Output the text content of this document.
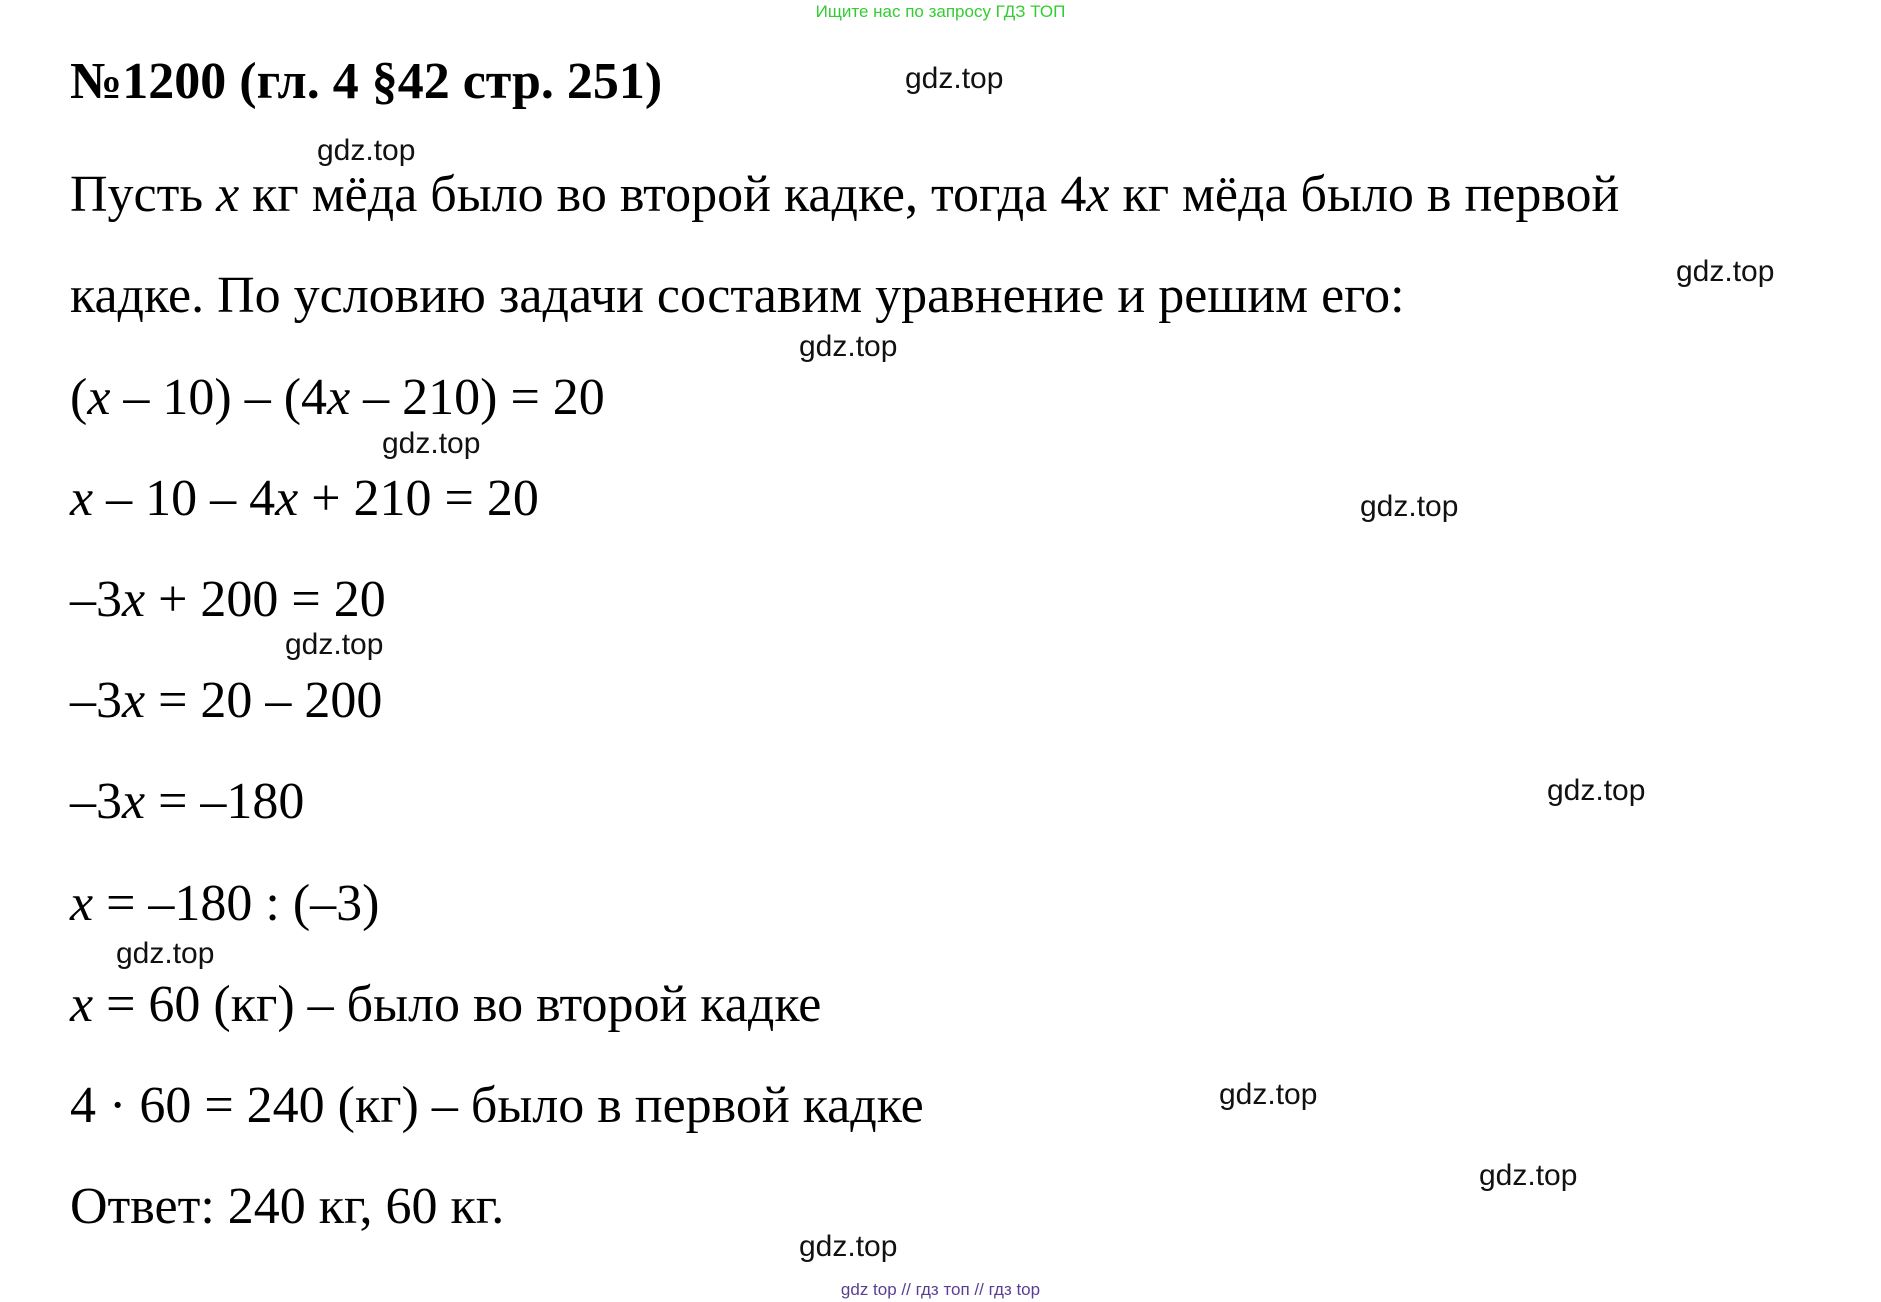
Ищите нас по запросу ГДЗ ТОП
№1200 (гл. 4 §42 стр. 251)
Пусть x кг мёда было во второй кадке, тогда 4x кг мёда было в первой
кадке. По условию задачи составим уравнение и решим его:
(x – 10) – (4x – 210) = 20
x – 10 – 4x + 210 = 20
–3x + 200 = 20
–3x = 20 – 200
–3x = –180
x = –180 : (–3)
x = 60 (кг) – было во второй кадке
4 · 60 = 240 (кг) – было в первой кадке
Ответ: 240 кг, 60 кг.
gdz.top
gdz.top
gdz.top
gdz.top
gdz.top
gdz.top
gdz.top
gdz.top
gdz.top
gdz.top
gdz.top
gdz.top
gdz top // гдз топ // гдз top
